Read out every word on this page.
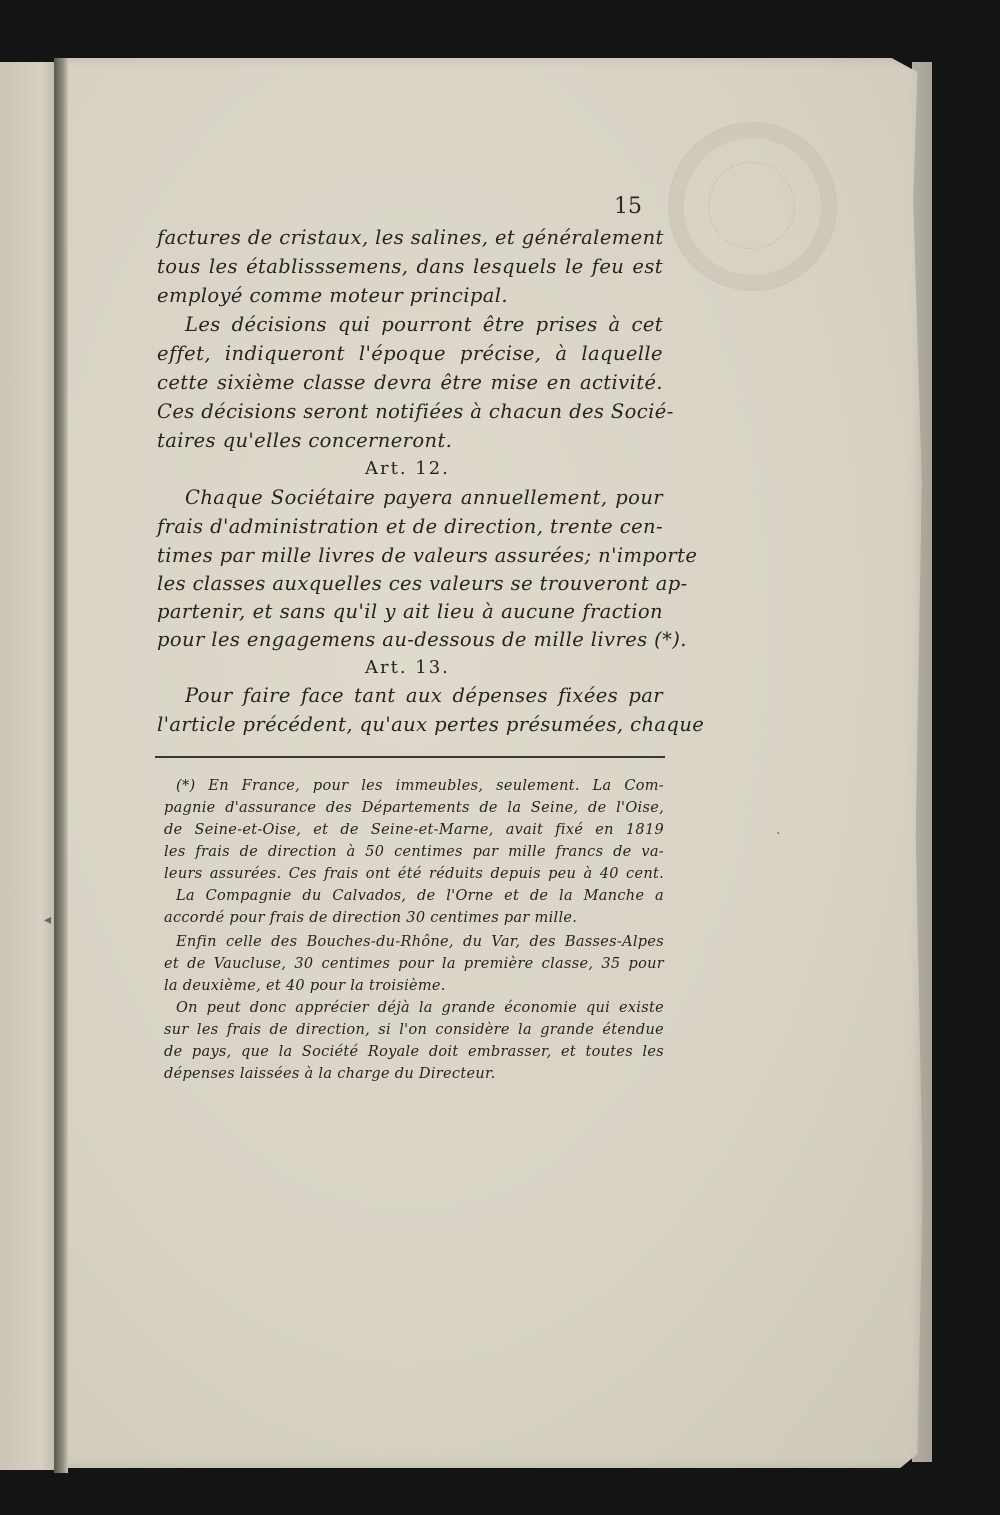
15
factures de cristaux, les salines, et généralement
tous les établisssemens, dans lesquels le feu est
employé comme moteur principal.
Les décisions qui pourront être prises à cet
effet, indiqueront l'époque précise, à laquelle
cette sixième classe devra être mise en activité.
Ces décisions seront notifiées à chacun des Socié-
taires qu'elles concerneront.
Art. 12.
Chaque Sociétaire payera annuellement, pour
frais d'administration et de direction, trente cen-
times par mille livres de valeurs assurées; n'importe
les classes auxquelles ces valeurs se trouveront ap-
partenir, et sans qu'il y ait lieu à aucune fraction
pour les engagemens au-dessous de mille livres (*).
Art. 13.
Pour faire face tant aux dépenses fixées par
l'article précédent, qu'aux pertes présumées, chaque
(*) En France, pour les immeubles, seulement. La Com-
pagnie d'assurance des Départements de la Seine, de l'Oise,
de Seine-et-Oise, et de Seine-et-Marne, avait fixé en 1819
les frais de direction à 50 centimes par mille francs de va-
leurs assurées. Ces frais ont été réduits depuis peu à 40 cent.
La Compagnie du Calvados, de l'Orne et de la Manche a
accordé pour frais de direction 30 centimes par mille.
Enfin celle des Bouches-du-Rhône, du Var, des Basses-Alpes
et de Vaucluse, 30 centimes pour la première classe, 35 pour
la deuxième, et 40 pour la troisième.
On peut donc apprécier déjà la grande économie qui existe
sur les frais de direction, si l'on considère la grande étendue
de pays, que la Société Royale doit embrasser, et toutes les
dépenses laissées à la charge du Directeur.
◂
·
